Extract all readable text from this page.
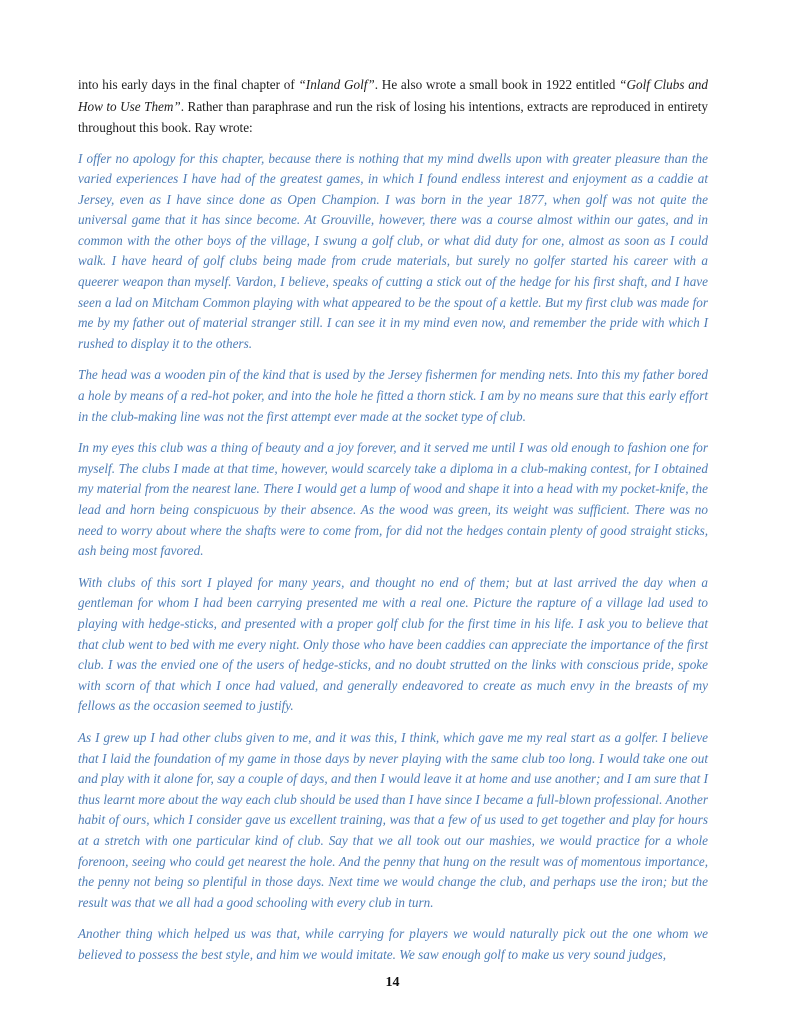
into his early days in the final chapter of “Inland Golf”. He also wrote a small book in 1922 entitled “Golf Clubs and How to Use Them”. Rather than paraphrase and run the risk of losing his intentions, extracts are reproduced in entirety throughout this book. Ray wrote:

I offer no apology for this chapter, because there is nothing that my mind dwells upon with greater pleasure than the varied experiences I have had of the greatest games, in which I found endless interest and enjoyment as a caddie at Jersey, even as I have since done as Open Champion. I was born in the year 1877, when golf was not quite the universal game that it has since become. At Grouville, however, there was a course almost within our gates, and in common with the other boys of the village, I swung a golf club, or what did duty for one, almost as soon as I could walk. I have heard of golf clubs being made from crude materials, but surely no golfer started his career with a queerer weapon than myself. Vardon, I believe, speaks of cutting a stick out of the hedge for his first shaft, and I have seen a lad on Mitcham Common playing with what appeared to be the spout of a kettle. But my first club was made for me by my father out of material stranger still. I can see it in my mind even now, and remember the pride with which I rushed to display it to the others.

The head was a wooden pin of the kind that is used by the Jersey fishermen for mending nets. Into this my father bored a hole by means of a red-hot poker, and into the hole he fitted a thorn stick. I am by no means sure that this early effort in the club-making line was not the first attempt ever made at the socket type of club.

In my eyes this club was a thing of beauty and a joy forever, and it served me until I was old enough to fashion one for myself. The clubs I made at that time, however, would scarcely take a diploma in a club-making contest, for I obtained my material from the nearest lane. There I would get a lump of wood and shape it into a head with my pocket-knife, the lead and horn being conspicuous by their absence. As the wood was green, its weight was sufficient. There was no need to worry about where the shafts were to come from, for did not the hedges contain plenty of good straight sticks, ash being most favored.

With clubs of this sort I played for many years, and thought no end of them; but at last arrived the day when a gentleman for whom I had been carrying presented me with a real one. Picture the rapture of a village lad used to playing with hedge-sticks, and presented with a proper golf club for the first time in his life. I ask you to believe that that club went to bed with me every night. Only those who have been caddies can appreciate the importance of the first club. I was the envied one of the users of hedge-sticks, and no doubt strutted on the links with conscious pride, spoke with scorn of that which I once had valued, and generally endeavored to create as much envy in the breasts of my fellows as the occasion seemed to justify.

As I grew up I had other clubs given to me, and it was this, I think, which gave me my real start as a golfer. I believe that I laid the foundation of my game in those days by never playing with the same club too long. I would take one out and play with it alone for, say a couple of days, and then I would leave it at home and use another; and I am sure that I thus learnt more about the way each club should be used than I have since I became a full-blown professional. Another habit of ours, which I consider gave us excellent training, was that a few of us used to get together and play for hours at a stretch with one particular kind of club. Say that we all took out our mashies, we would practice for a whole forenoon, seeing who could get nearest the hole. And the penny that hung on the result was of momentous importance, the penny not being so plentiful in those days. Next time we would change the club, and perhaps use the iron; but the result was that we all had a good schooling with every club in turn.

Another thing which helped us was that, while carrying for players we would naturally pick out the one whom we believed to possess the best style, and him we would imitate. We saw enough golf to make us very sound judges,

14
